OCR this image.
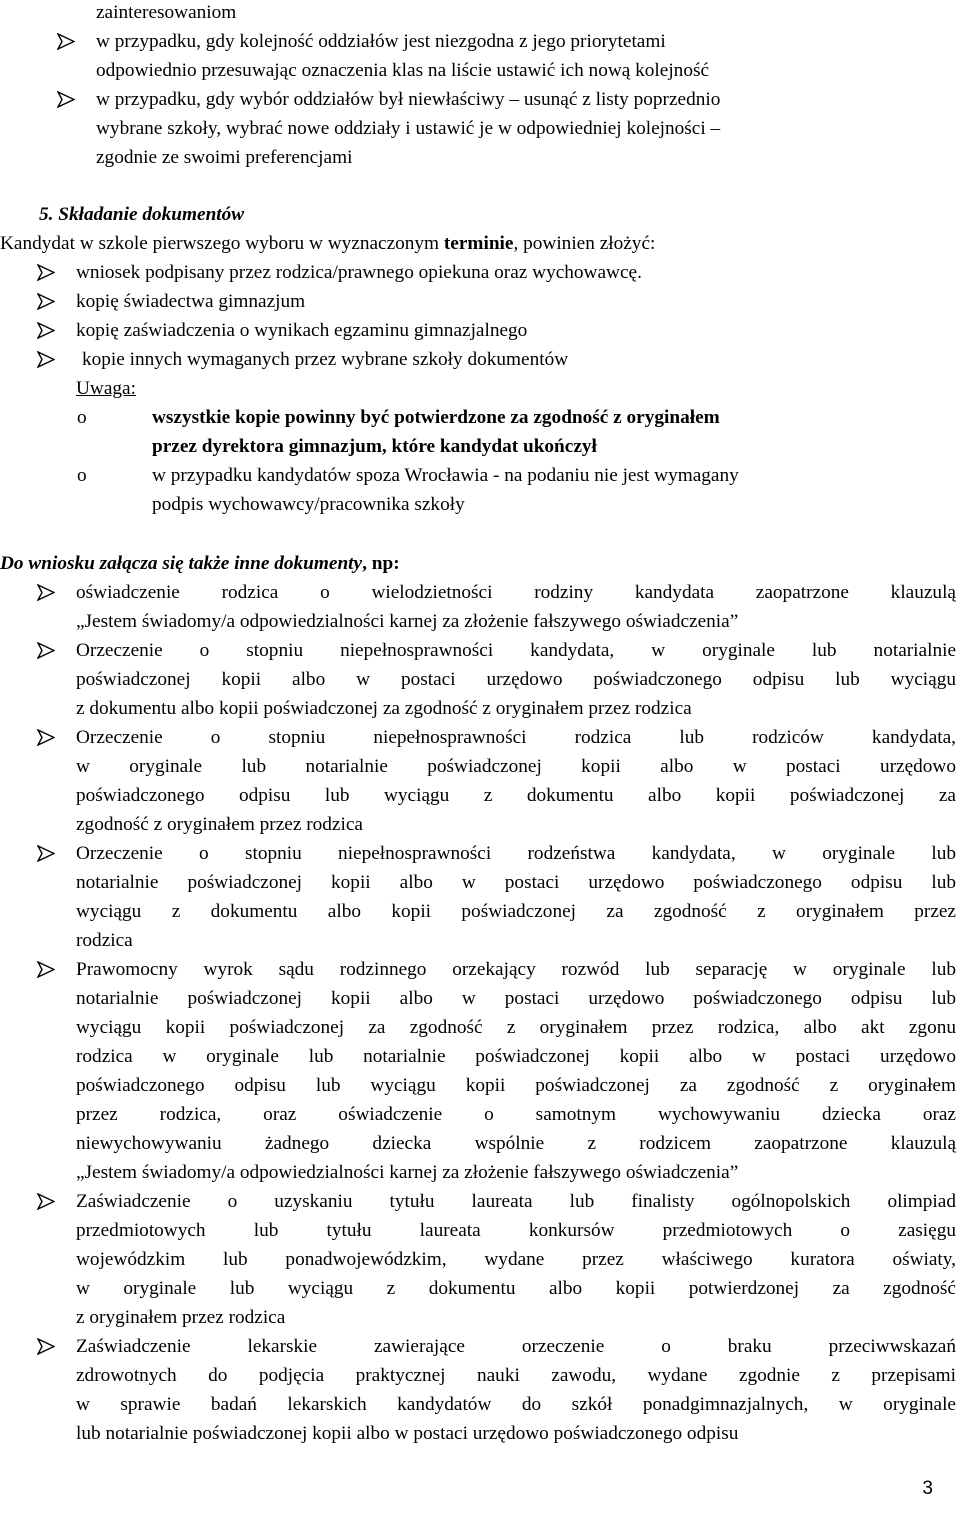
zainteresowaniom
w przypadku, gdy kolejność oddziałów jest niezgodna z jego priorytetami
odpowiednio przesuwając oznaczenia klas na liście ustawić ich nową kolejność
w przypadku, gdy wybór oddziałów był niewłaściwy – usunąć z listy poprzednio
wybrane szkoły, wybrać nowe oddziały i ustawić je w odpowiedniej kolejności –
zgodnie ze swoimi preferencjami
5. Składanie dokumentów
Kandydat w szkole pierwszego wyboru w wyznaczonym terminie, powinien złożyć:
wniosek podpisany przez rodzica/prawnego opiekuna oraz wychowawcę.
kopię świadectwa gimnazjum
kopię zaświadczenia o wynikach egzaminu gimnazjalnego
kopie innych wymaganych przez wybrane szkoły dokumentów
Uwaga:
o	wszystkie kopie powinny być potwierdzone za zgodność z oryginałem
przez dyrektora gimnazjum, które kandydat ukończył
o	w przypadku kandydatów spoza Wrocławia - na podaniu nie jest wymagany
podpis wychowawcy/pracownika szkoły
Do wniosku załącza się także inne dokumenty, np:
oświadczenie rodzica o wielodzietności rodziny kandydata zaopatrzone klauzulą
„Jestem świadomy/a odpowiedzialności karnej za złożenie fałszywego oświadczenia”
Orzeczenie o stopniu niepełnosprawności kandydata, w oryginale lub notarialnie
poświadczonej kopii albo w postaci urzędowo poświadczonego odpisu lub wyciągu
z dokumentu albo kopii poświadczonej za zgodność z oryginałem przez rodzica
Orzeczenie o stopniu niepełnosprawności rodzica lub rodziców kandydata,
w oryginale lub notarialnie poświadczonej kopii albo w postaci urzędowo
poświadczonego odpisu lub wyciągu z dokumentu albo kopii poświadczonej za
zgodność z oryginałem przez rodzica
Orzeczenie o stopniu niepełnosprawności rodzeństwa kandydata, w oryginale lub
notarialnie poświadczonej kopii albo w postaci urzędowo poświadczonego odpisu lub
wyciągu z dokumentu albo kopii poświadczonej za zgodność z oryginałem przez
rodzica
Prawomocny wyrok sądu rodzinnego orzekający rozwód lub separację w oryginale lub
notarialnie poświadczonej kopii albo w postaci urzędowo poświadczonego odpisu lub
wyciągu kopii poświadczonej za zgodność z oryginałem przez rodzica, albo akt zgonu
rodzica w oryginale lub notarialnie poświadczonej kopii albo w postaci urzędowo
poświadczonego odpisu lub wyciągu kopii poświadczonej za zgodność z oryginałem
przez rodzica, oraz oświadczenie o samotnym wychowywaniu dziecka oraz
niewychowywaniu żadnego dziecka wspólnie z rodzicem zaopatrzone klauzulą
„Jestem świadomy/a odpowiedzialności karnej za złożenie fałszywego oświadczenia”
Zaświadczenie o uzyskaniu tytułu laureata lub finalisty ogólnopolskich olimpiad
przedmiotowych lub tytułu laureata konkursów przedmiotowych o zasięgu
wojewódzkim lub ponadwojewódzkim, wydane przez właściwego kuratora oświaty,
w oryginale lub wyciągu z dokumentu albo kopii potwierdzonej za zgodność
z oryginałem przez rodzica
Zaświadczenie lekarskie zawierające orzeczenie o braku przeciwwskazań
zdrowotnych do podjęcia praktycznej nauki zawodu, wydane zgodnie z przepisami
w sprawie badań lekarskich kandydatów do szkół ponadgimnazjalnych, w oryginale
lub notarialnie poświadczonej kopii albo w postaci urzędowo poświadczonego odpisu
3
